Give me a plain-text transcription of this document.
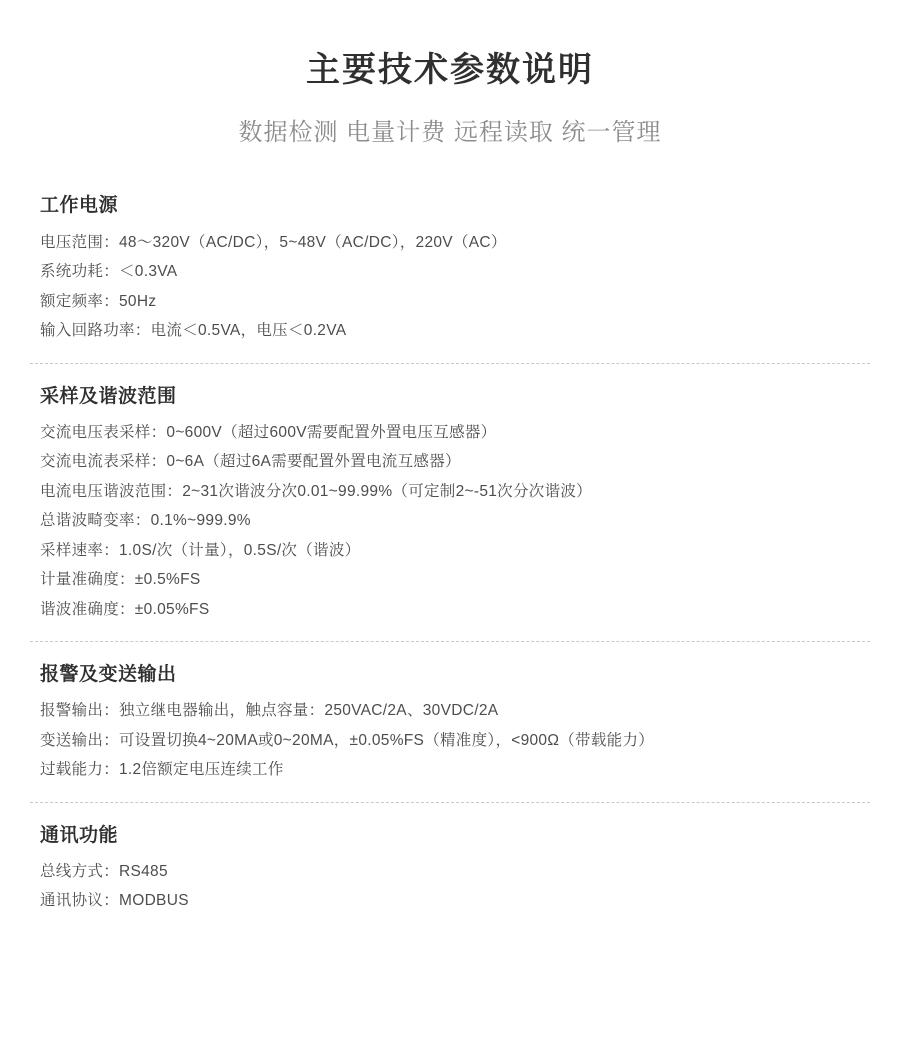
主要技术参数说明
数据检测 电量计费 远程读取 统一管理
工作电源
电压范围：48～320V（AC/DC），5~48V（AC/DC），220V（AC）
系统功耗：＜0.3VA
额定频率：50Hz
输入回路功率：电流＜0.5VA，电压＜0.2VA
采样及谐波范围
交流电压表采样：0~600V（超过600V需要配置外置电压互感器）
交流电流表采样：0~6A（超过6A需要配置外置电流互感器）
电流电压谐波范围：2~31次谐波分次0.01~99.99%（可定制2~-51次分次谐波）
总谐波畸变率：0.1%~999.9%
采样速率：1.0S/次（计量），0.5S/次（谐波）
计量准确度：±0.5%FS
谐波准确度：±0.05%FS
报警及变送输出
报警输出：独立继电器输出，触点容量：250VAC/2A、30VDC/2A
变送输出：可设置切换4~20MA或0~20MA，±0.05%FS（精准度），<900Ω（带载能力）
过载能力：1.2倍额定电压连续工作
通讯功能
总线方式：RS485
通讯协议：MODBUS
